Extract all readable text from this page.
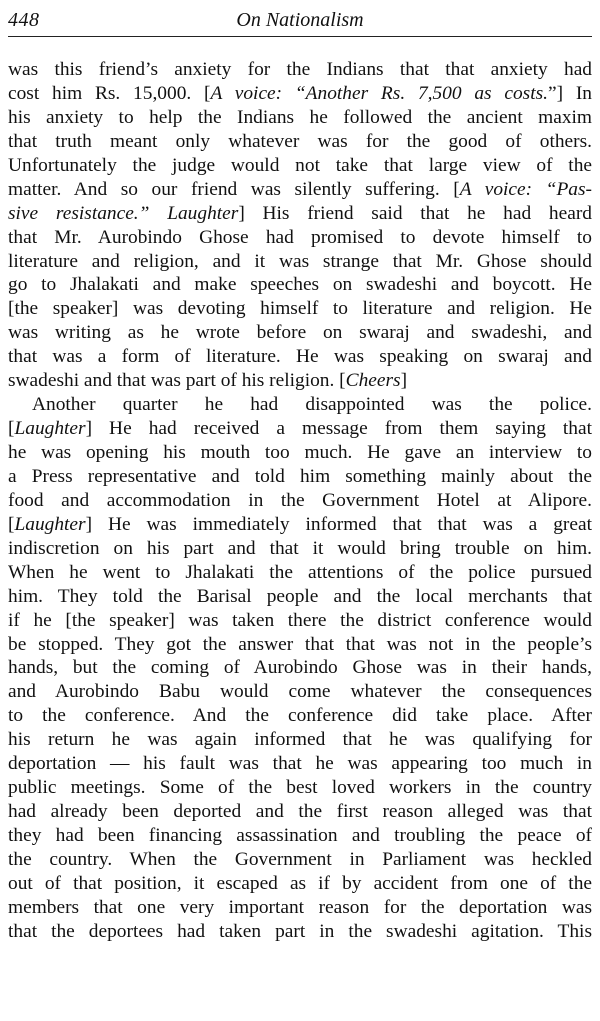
448	On Nationalism
was this friend’s anxiety for the Indians that that anxiety had
cost him Rs. 15,000. [A voice: “Another Rs. 7,500 as costs.”] In
his anxiety to help the Indians he followed the ancient maxim
that truth meant only whatever was for the good of others.
Unfortunately the judge would not take that large view of the
matter. And so our friend was silently suffering. [A voice: “Pas-
sive resistance.” Laughter] His friend said that he had heard
that Mr. Aurobindo Ghose had promised to devote himself to
literature and religion, and it was strange that Mr. Ghose should
go to Jhalakati and make speeches on swadeshi and boycott. He
[the speaker] was devoting himself to literature and religion. He
was writing as he wrote before on swaraj and swadeshi, and
that was a form of literature. He was speaking on swaraj and
swadeshi and that was part of his religion. [Cheers]
Another quarter he had disappointed was the police.
[Laughter] He had received a message from them saying that
he was opening his mouth too much. He gave an interview to
a Press representative and told him something mainly about the
food and accommodation in the Government Hotel at Alipore.
[Laughter] He was immediately informed that that was a great
indiscretion on his part and that it would bring trouble on him.
When he went to Jhalakati the attentions of the police pursued
him. They told the Barisal people and the local merchants that
if he [the speaker] was taken there the district conference would
be stopped. They got the answer that that was not in the people’s
hands, but the coming of Aurobindo Ghose was in their hands,
and Aurobindo Babu would come whatever the consequences
to the conference. And the conference did take place. After
his return he was again informed that he was qualifying for
deportation — his fault was that he was appearing too much in
public meetings. Some of the best loved workers in the country
had already been deported and the first reason alleged was that
they had been financing assassination and troubling the peace of
the country. When the Government in Parliament was heckled
out of that position, it escaped as if by accident from one of the
members that one very important reason for the deportation was
that the deportees had taken part in the swadeshi agitation. This
